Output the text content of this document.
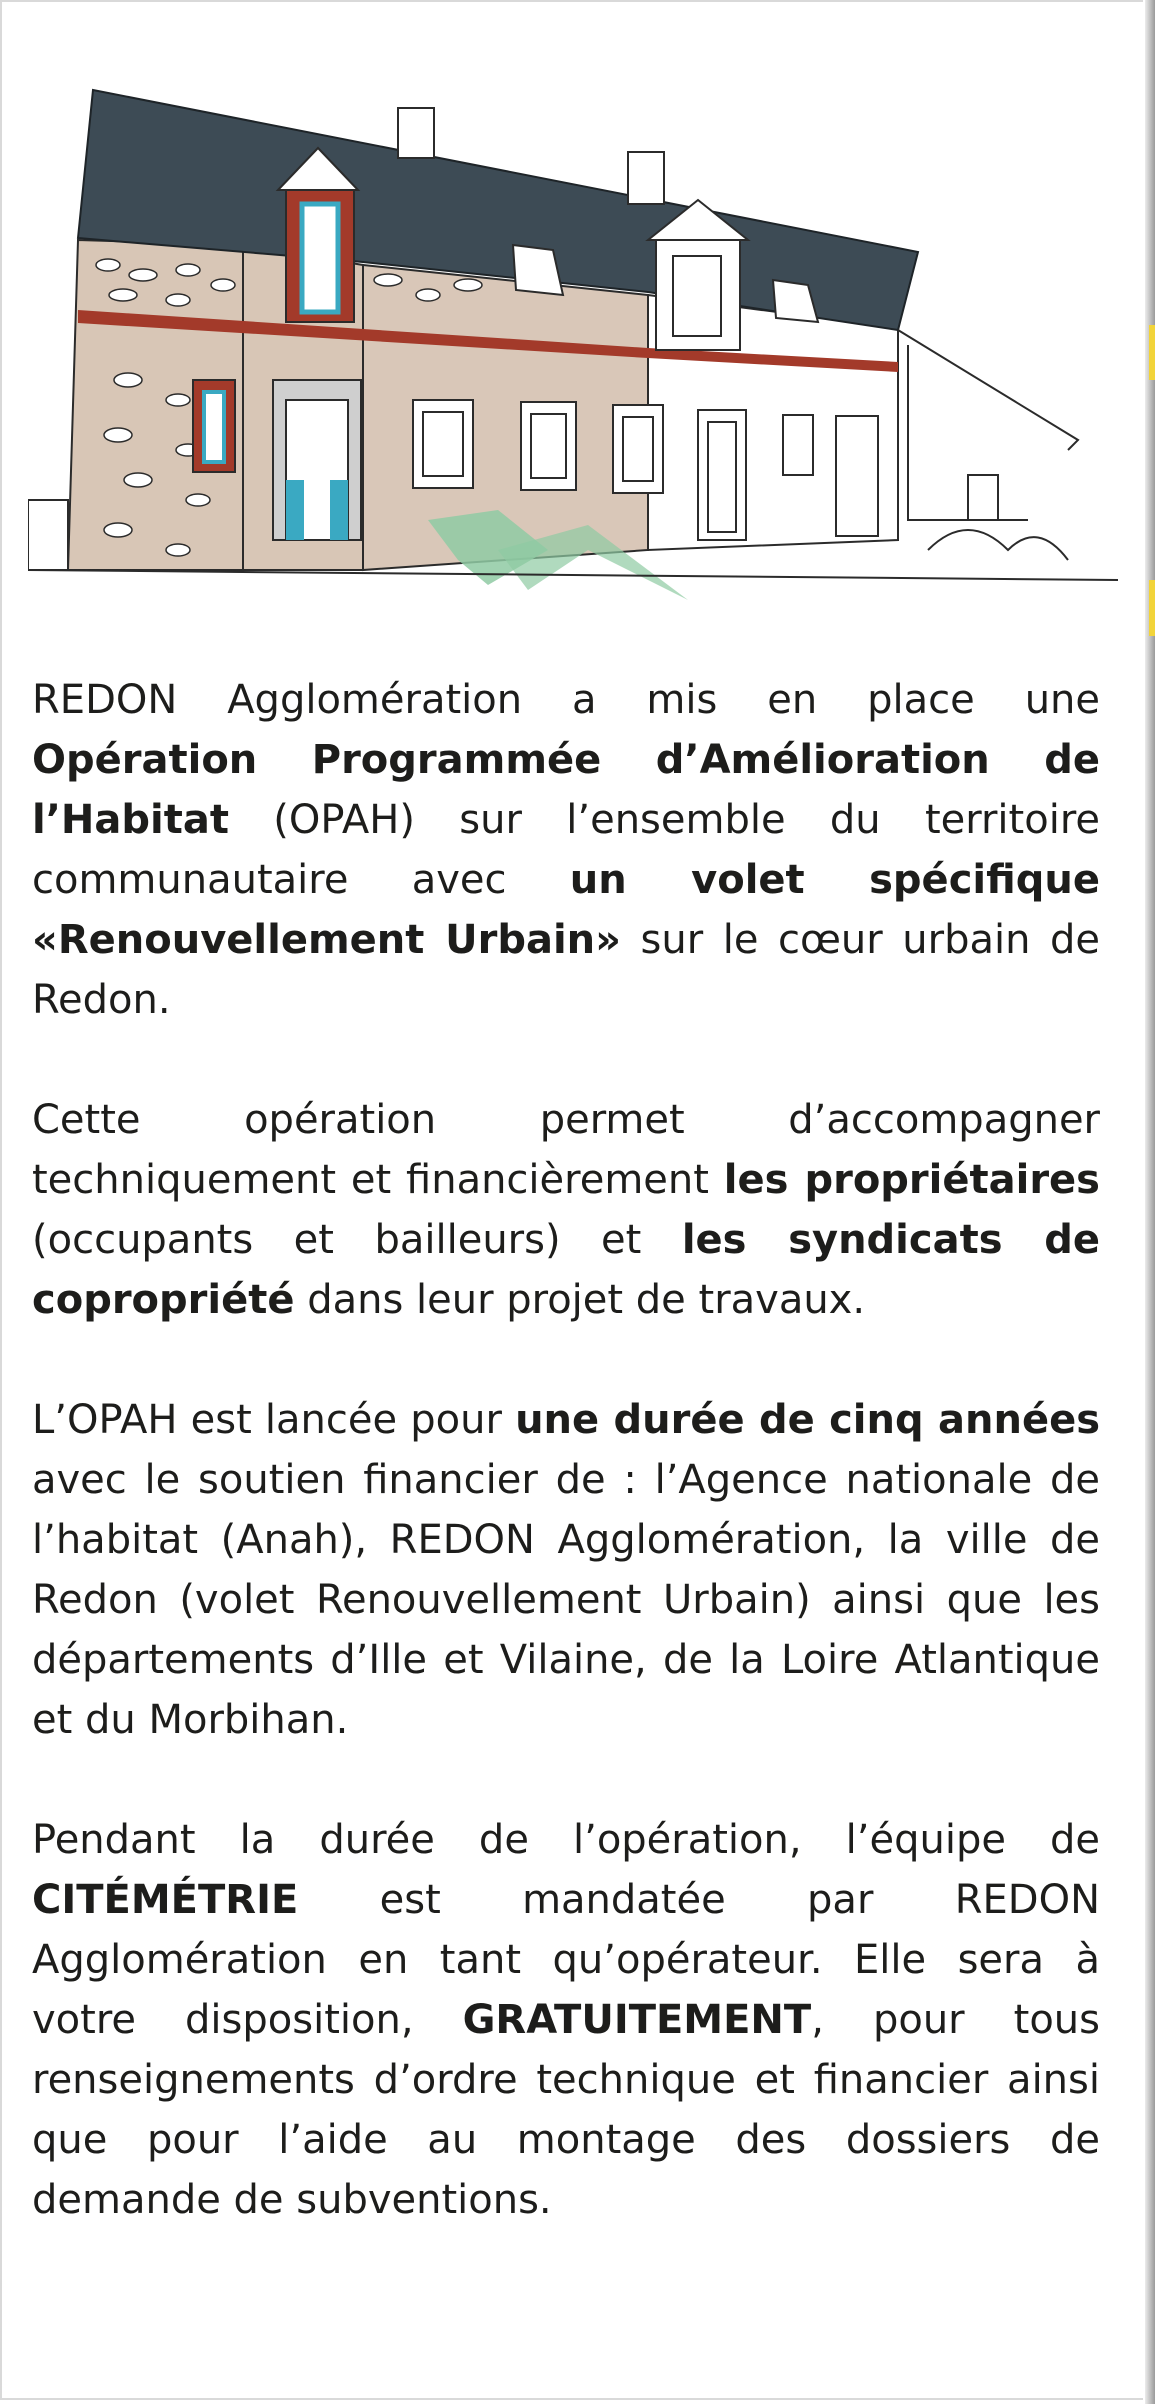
REDON Agglomération a mis en place une Opération Programmée d’Amélioration de l’Habitat (OPAH) sur l’ensemble du territoire communautaire avec un volet spécifique «Renouvellement Urbain» sur le cœur urbain de Redon.

Cette opération permet d’accompagner techniquement et financièrement les propriétaires (occupants et bailleurs) et les syndicats de copropriété dans leur projet de travaux.

L’OPAH est lancée pour une durée de cinq années avec le soutien financier de : l’Agence nationale de l’habitat (Anah), REDON Agglomération, la ville de Redon (volet Renouvellement Urbain) ainsi que les départements d’Ille et Vilaine, de la Loire Atlantique et du Morbihan.

Pendant la durée de l’opération, l’équipe de CITÉMÉTRIE est mandatée par REDON Agglomération en tant qu’opérateur. Elle sera à votre disposition, GRATUITEMENT, pour tous renseignements d’ordre technique et financier ainsi que pour l’aide au montage des dossiers de demande de subventions.
